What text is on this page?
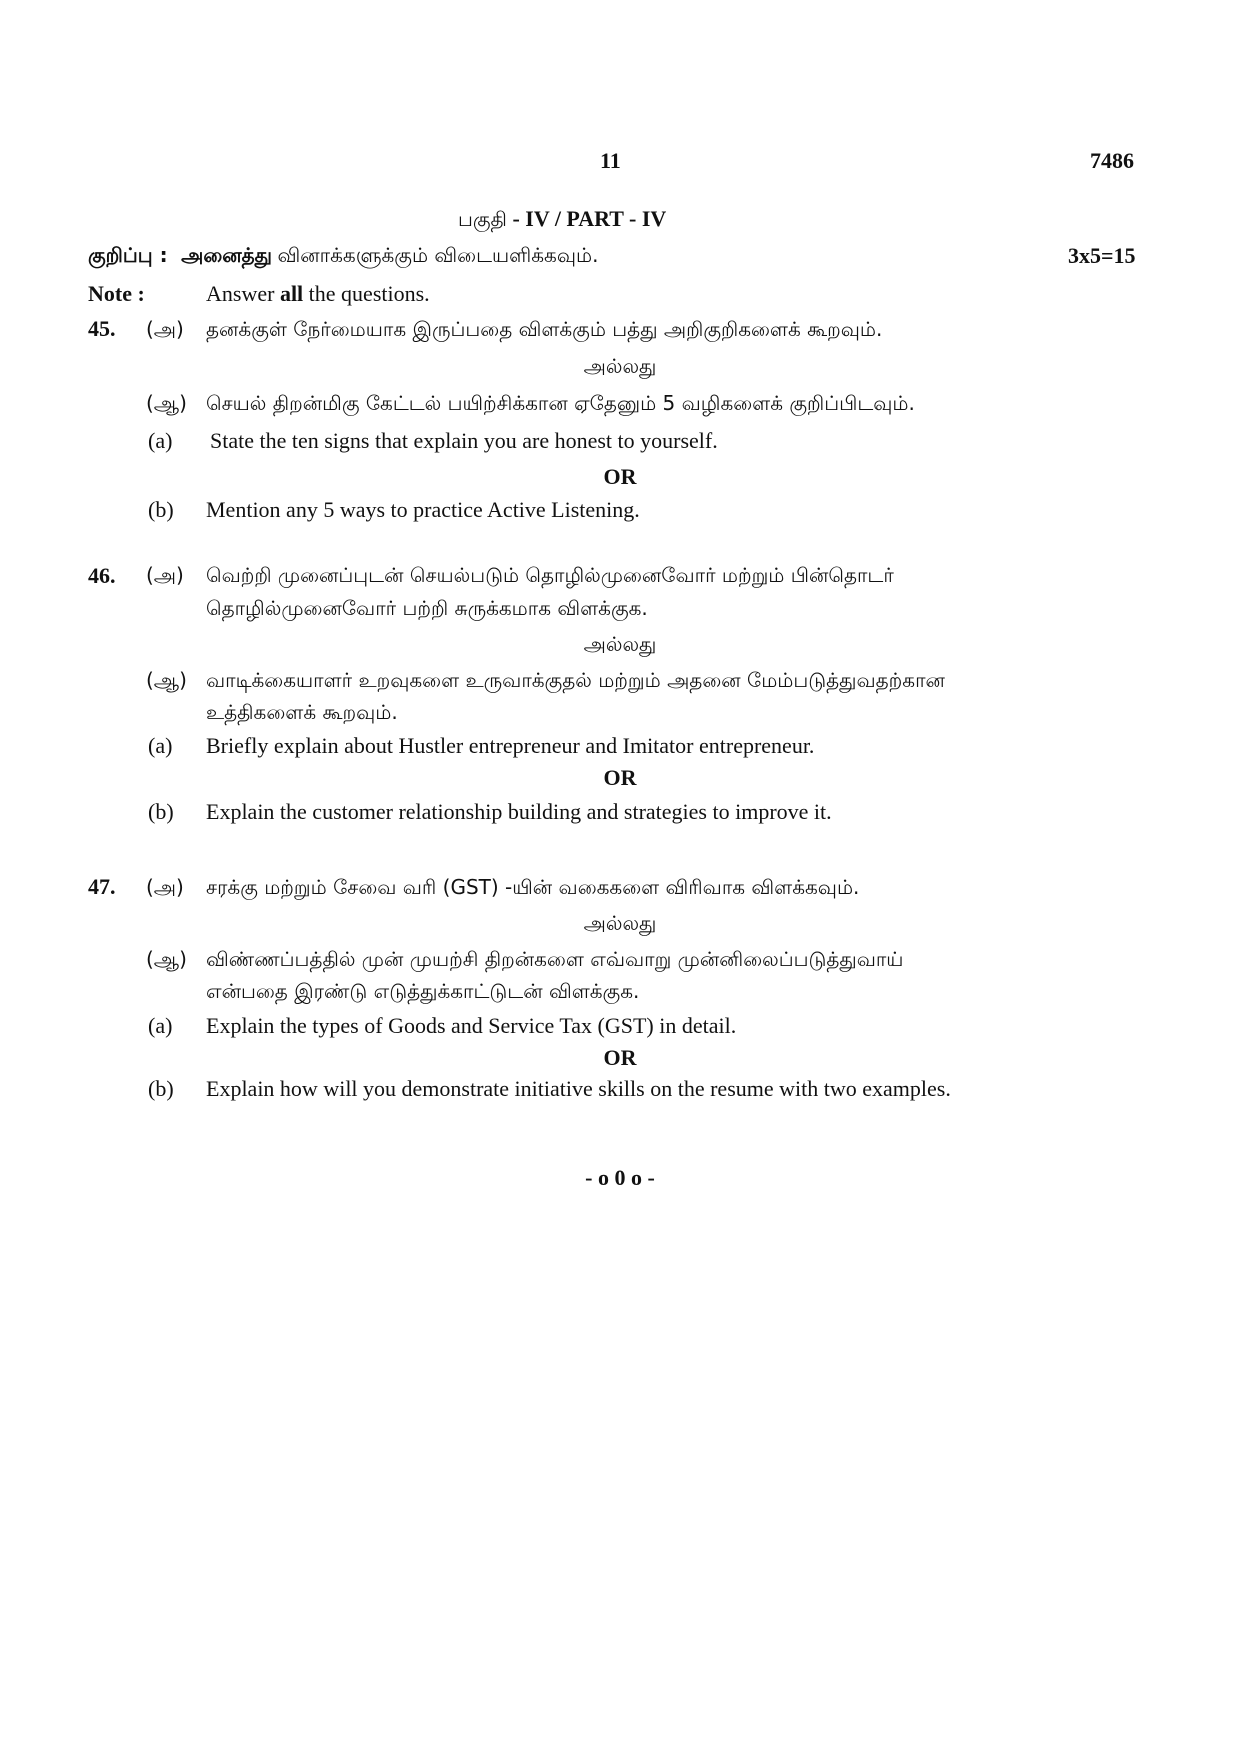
11	7486
பகுதி - IV / PART - IV
குறிப்பு : அனைத்து வினாக்களுக்கும் விடையளிக்கவும்.	3x5=15
Note :	Answer all the questions.
45. (அ) தனக்குள் நேர்மையாக இருப்பதை விளக்கும் பத்து அறிகுறிகளைக் கூறவும்.
அல்லது
(ஆ) செயல் திறன்மிகு கேட்டல் பயிற்சிக்கான ஏதேனும் 5 வழிகளைக் குறிப்பிடவும்.
(a) State the ten signs that explain you are honest to yourself.
OR
(b) Mention any 5 ways to practice Active Listening.
46. (அ) வெற்றி முனைப்புடன் செயல்படும் தொழில்முனைவோர் மற்றும் பின்தொடர்
தொழில்முனைவோர் பற்றி சுருக்கமாக விளக்குக.
அல்லது
(ஆ) வாடிக்கையாளர் உறவுகளை உருவாக்குதல் மற்றும் அதனை மேம்படுத்துவதற்கான
உத்திகளைக் கூறவும்.
(a) Briefly explain about Hustler entrepreneur and Imitator entrepreneur.
OR
(b) Explain the customer relationship building and strategies to improve it.
47. (அ) சரக்கு மற்றும் சேவை வரி (GST) -யின் வகைகளை விரிவாக விளக்கவும்.
அல்லது
(ஆ) விண்ணப்பத்தில் முன் முயற்சி திறன்களை எவ்வாறு முன்னிலைப்படுத்துவாய்
என்பதை இரண்டு எடுத்துக்காட்டுடன் விளக்குக.
(a) Explain the types of Goods and Service Tax (GST) in detail.
OR
(b) Explain how will you demonstrate initiative skills on the resume with two examples.
- o 0 o -
